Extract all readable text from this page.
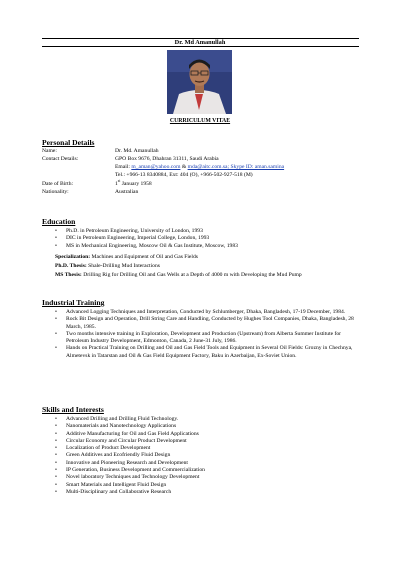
Dr. Md Amanullah
CURRICULUM VITAE
Personal Details
Name:	Dr. Md. Amanullah
Contact Details:	GPO Box 9676, Dhahran 31311, Saudi Arabia
Email: m_aman@yahoo.com & mda@aitc.com.sa; Skype ID: aman.samina
Tel.: +966-13 8340884, Ext: 404 (O), +966-502-927-518 (M)
Date of Birth:	1st January 1958
Nationality:	Australian
Education
• Ph.D. in Petroleum Engineering, University of London, 1993
• DIC in Petroleum Engineering, Imperial College, London, 1993
• MS in Mechanical Engineering, Moscow Oil & Gas Institute, Moscow, 1983
Specialization: Machines and Equipment of Oil and Gas Fields
Ph.D. Thesis: Shale-Drilling Mud Interactions
MS Thesis: Drilling Rig for Drilling Oil and Gas Wells at a Depth of 4000 m with Developing the Mud Pump
Industrial Training
• Advanced Logging Techniques and Interpretation, Conducted by Schlumberger, Dhaka, Bangladesh, 17-19 December, 1984.
• Rock Bit Design and Operation, Drill String Care and Handling, Conducted by Hughes Tool Companies, Dhaka, Bangladesh, 28 March, 1985.
• Two months intensive training in Exploration, Development and Production (Upstream) from Alberta Summer Institute for Petroleum Industry Development, Edmonton, Canada, 2 June-31 July, 1986.
• Hands on Practical Training on Drilling and Oil and Gas Field Tools and Equipment in Several Oil Fields: Grozny in Chechnya, Almetevsk in Tatarstan and Oil & Gas Field Equipment Factory, Baku in Azerbaijan, Ex-Soviet Union.
Skills and Interests
• Advanced Drilling and Drilling Fluid Technology.
• Nanomaterials and Nanotechnology Applications
• Additive Manufacturing for Oil and Gas Field Applications
• Circular Economy and Circular Product Development
• Localization of Product Development
• Green Additives and Ecofriendly Fluid Design
• Innovative and Pioneering Research and Development
• IP Generation, Business Development and Commercialization
• Novel laboratory Techniques and Technology Development
• Smart Materials and Intelligent Fluid Design
• Multi-Disciplinary and Collaborative Research
